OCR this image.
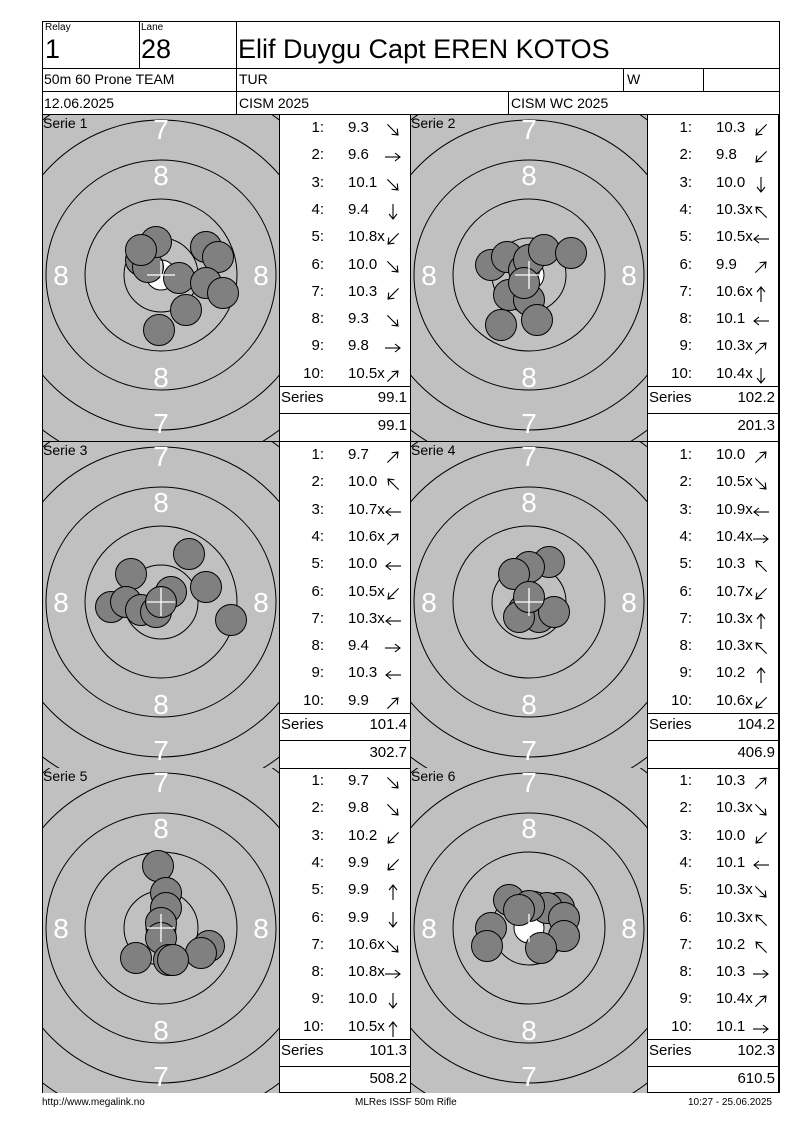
Relay
1
Lane
28 Elif Duygu Capt EREN KOTOS
50m 60 Prone TEAM	TUR	W
12.06.2025	CISM 2025	CISM WC 2025
7
8
8
7
8	8
Serie 1	1: 9.3
2: 9.6
3: 10.1
4: 9.4
5: 10.8x
6: 10.0
7: 10.3
8: 9.3
9: 9.8
10: 10.5x
Series	99.1
99.1
7
8
8
7
8	8
Serie 2	1: 10.3
2: 9.8
3: 10.0
4: 10.3x
5: 10.5x
6: 9.9
7: 10.6x
8: 10.1
9: 10.3x
10: 10.4x
Series	102.2
201.3
7
8
8
7
8	8
Serie 3	1: 9.7
2: 10.0
3: 10.7x
4: 10.6x
5: 10.0
6: 10.5x
7: 10.3x
8: 9.4
9: 10.3
10: 9.9
Series	101.4
302.7
7
8
8
7
8	8
Serie 4	1: 10.0
2: 10.5x
3: 10.9x
4: 10.4x
5: 10.3
6: 10.7x
7: 10.3x
8: 10.3x
9: 10.2
10: 10.6x
Series	104.2
406.9
7
8
8
7
8	8
Serie 5	1: 9.7
2: 9.8
3: 10.2
4: 9.9
5: 9.9
6: 9.9
7: 10.6x
8: 10.8x
9: 10.0
10: 10.5x
Series	101.3
508.2
7
8
8
7
8	8
Serie 6	1: 10.3
2: 10.3x
3: 10.0
4: 10.1
5: 10.3x
6: 10.3x
7: 10.2
8: 10.3
9: 10.4x
10: 10.1
Series	102.3
610.5
http://www.megalink.no	MLRes ISSF 50m Rifle	10:27 - 25.06.2025
